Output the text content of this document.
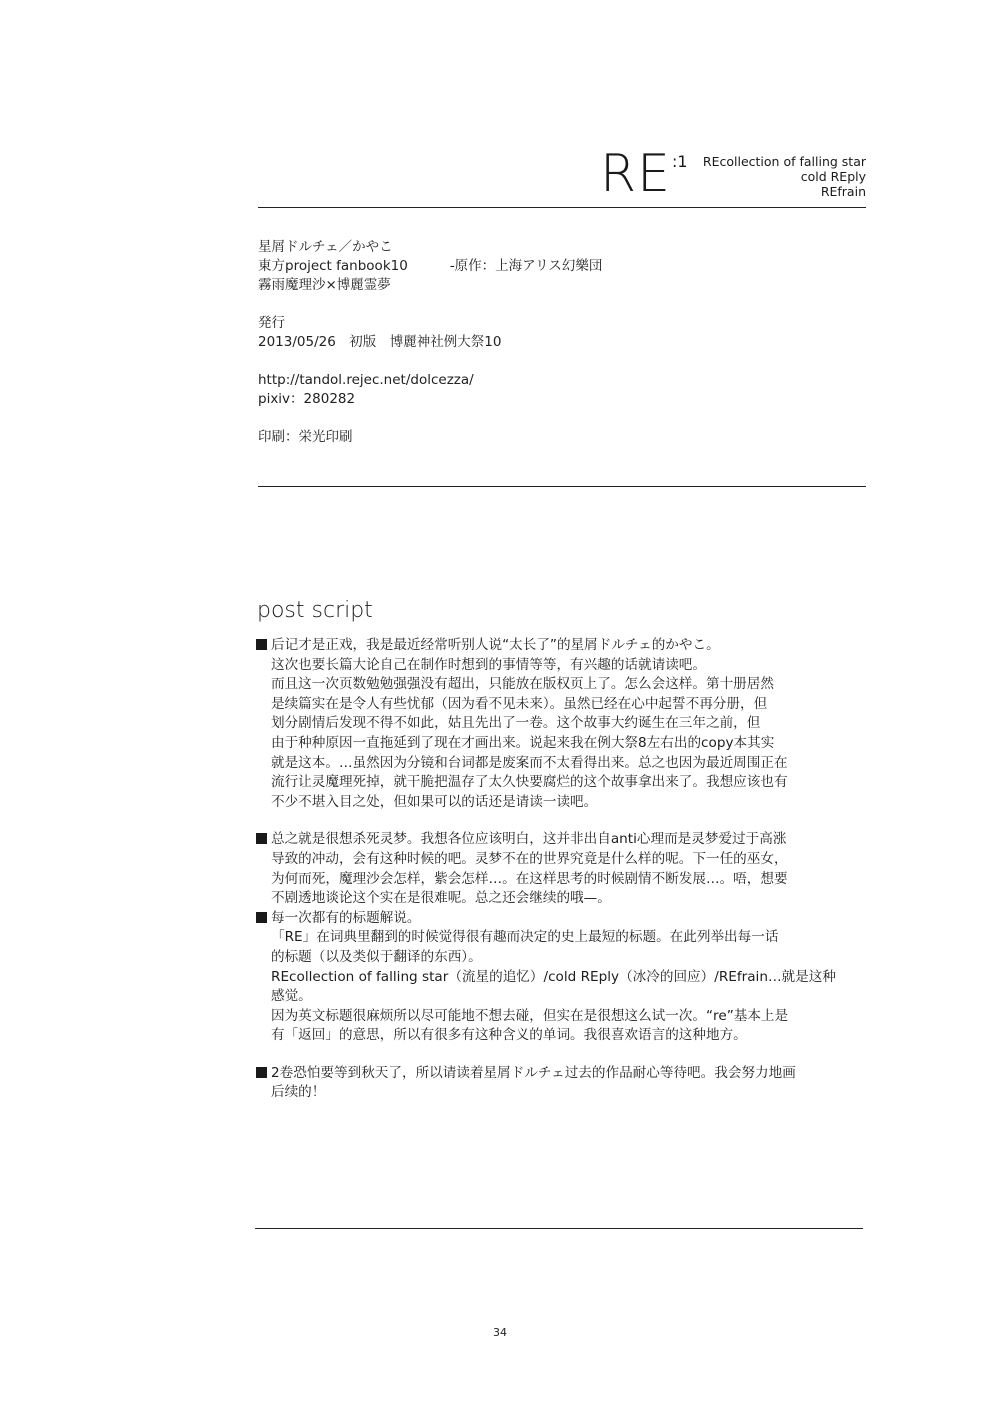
RE :1 REcollection of falling star
cold REply
REfrain
星屑ドルチェ／かやこ
東方project fanbook10	-原作：上海アリス幻樂団
霧雨魔理沙×博麗霊夢
発行
2013/05/26　初版　博麗神社例大祭10
http://tandol.rejec.net/dolcezza/
pixiv：280282
印刷：栄光印刷
post script
后记才是正戏，我是最近经常听别人说“太长了”的星屑ドルチェ的かやこ。
这次也要长篇大论自己在制作时想到的事情等等，有兴趣的话就请读吧。
而且这一次页数勉勉强强没有超出，只能放在版权页上了。怎么会这样。第十册居然
是续篇实在是令人有些忧郁（因为看不见未来）。虽然已经在心中起誓不再分册，但
划分剧情后发现不得不如此，姑且先出了一卷。这个故事大约诞生在三年之前，但
由于种种原因一直拖延到了现在才画出来。说起来我在例大祭8左右出的copy本其实
就是这本。…虽然因为分镜和台词都是废案而不太看得出来。总之也因为最近周围正在
流行让灵魔理死掉，就干脆把温存了太久快要腐烂的这个故事拿出来了。我想应该也有
不少不堪入目之处，但如果可以的话还是请读一读吧。
总之就是很想杀死灵梦。我想各位应该明白，这并非出自anti心理而是灵梦爱过于高涨
导致的冲动，会有这种时候的吧。灵梦不在的世界究竟是什么样的呢。下一任的巫女，
为何而死，魔理沙会怎样，紫会怎样…。在这样思考的时候剧情不断发展…。唔，想要
不剧透地谈论这个实在是很难呢。总之还会继续的哦—。
每一次都有的标题解说。
「RE」在词典里翻到的时候觉得很有趣而决定的史上最短的标题。在此列举出每一话
的标题（以及类似于翻译的东西）。
REcollection of falling star（流星的追忆）/cold REply（冰冷的回应）/REfrain…就是这种
感觉。
因为英文标题很麻烦所以尽可能地不想去碰，但实在是很想这么试一次。“re”基本上是
有「返回」的意思，所以有很多有这种含义的单词。我很喜欢语言的这种地方。
2卷恐怕要等到秋天了，所以请读着星屑ドルチェ过去的作品耐心等待吧。我会努力地画
后续的！
34
